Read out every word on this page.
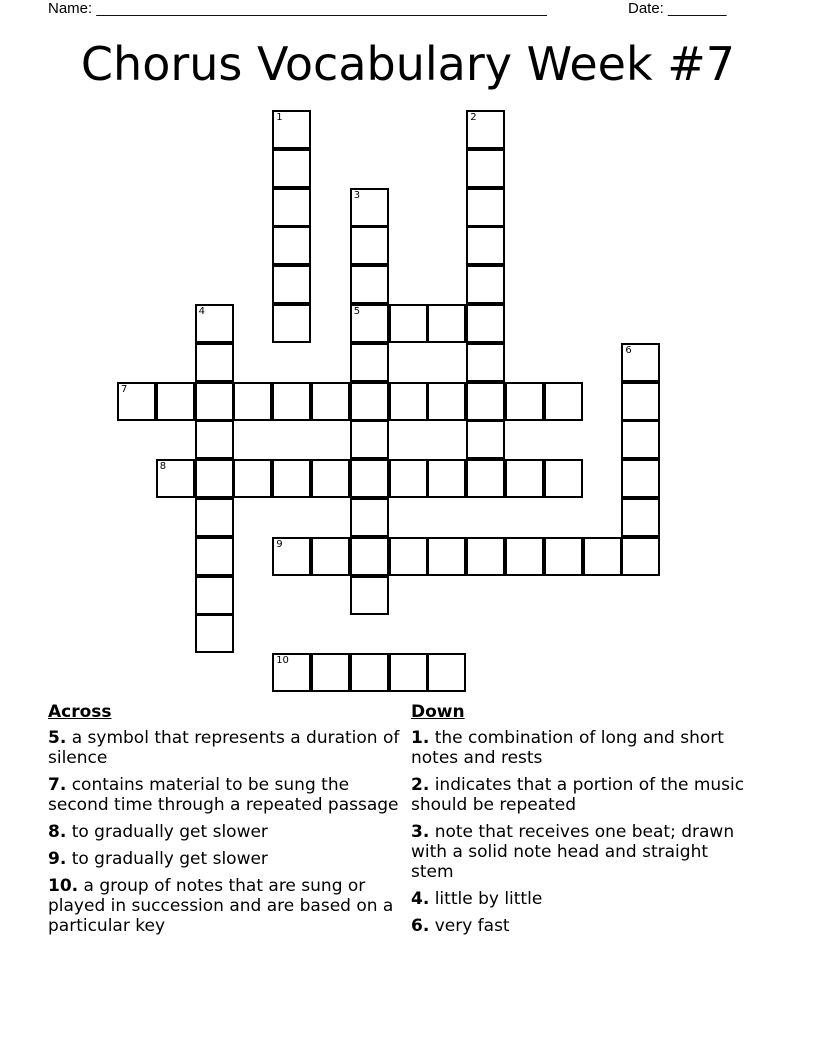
Name: ______________________________________________________	Date: _______
Chorus Vocabulary Week #7
1	2
3
5
4
6
7
8
9
10
Across
5. a symbol that represents a duration of silence
7. contains material to be sung the second time through a repeated passage
8. to gradually get slower
9. to gradually get slower
10. a group of notes that are sung or played in succession and are based on a particular key
Down
1. the combination of long and short notes and rests
2. indicates that a portion of the music should be repeated
3. note that receives one beat; drawn with a solid note head and straight stem
4. little by little
6. very fast
